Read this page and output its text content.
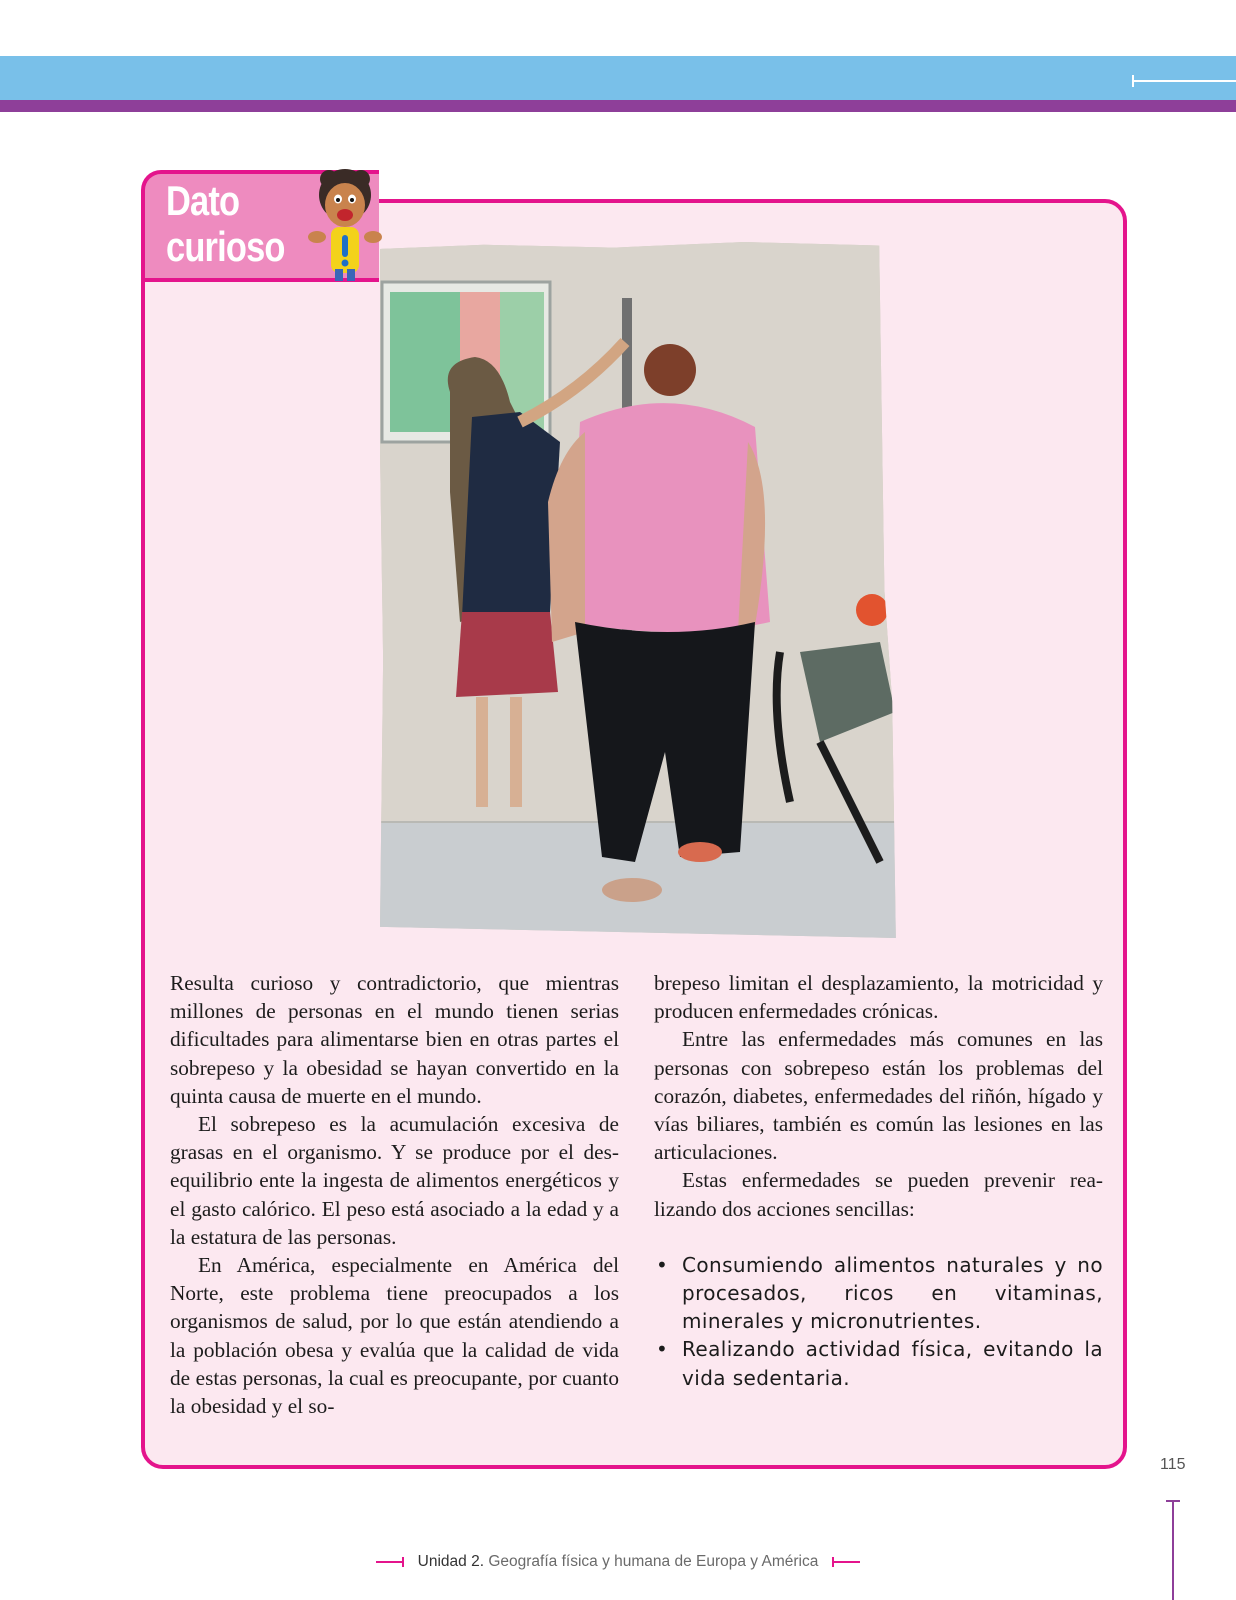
Dato
curioso

Resulta curioso y contradictorio, que mientras millones de personas en el mundo tienen serias dificultades para alimentarse bien en otras partes el sobrepeso y la obesidad se hayan convertido en la quinta causa de muerte en el mundo.

El sobrepeso es la acumulación excesiva de grasas en el organismo. Y se produce por el desequilibrio ente la ingesta de alimentos energéticos y el gasto calórico. El peso está asociado a la edad y a la estatura de las personas.

En América, especialmente en América del Norte, este problema tiene preocupados a los organismos de salud, por lo que están atendiendo a la población obesa y evalúa que la calidad de vida de estas personas, la cual es preocupante, por cuanto la obesidad y el so-

brepeso limitan el desplazamiento, la motricidad y producen enfermedades crónicas.

Entre las enfermedades más comunes en las personas con sobrepeso están los problemas del corazón, diabetes, enfermedades del riñón, hígado y vías biliares, también es común las lesiones en las articulaciones.

Estas enfermedades se pueden prevenir realizando dos acciones sencillas:

• Consumiendo alimentos naturales y no procesados, ricos en vitaminas, minerales y micronutrientes.
• Realizando actividad física, evitando la vida sedentaria.
115
Unidad 2. Geografía física y humana de Europa y América
